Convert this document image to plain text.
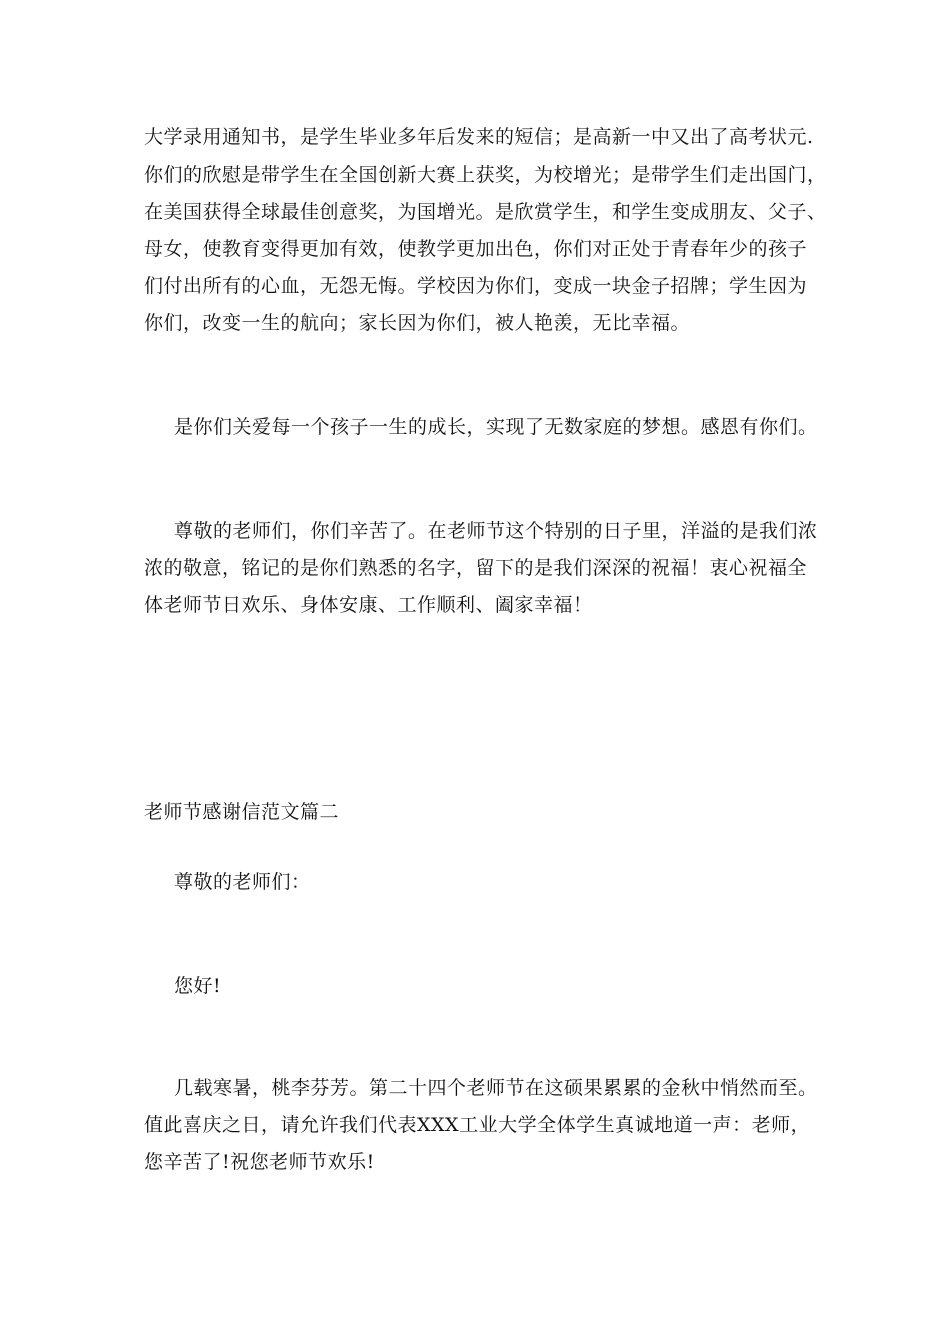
大学录用通知书，是学生毕业多年后发来的短信；是高新一中又出了高考状元.
你们的欣慰是带学生在全国创新大赛上获奖，为校增光；是带学生们走出国门，
在美国获得全球最佳创意奖，为国增光。是欣赏学生，和学生变成朋友、父子、
母女，使教育变得更加有效，使教学更加出色，你们对正处于青春年少的孩子
们付出所有的心血，无怨无悔。学校因为你们，变成一块金子招牌；学生因为
你们，改变一生的航向；家长因为你们，被人艳羡，无比幸福。
是你们关爱每一个孩子一生的成长，实现了无数家庭的梦想。感恩有你们。
尊敬的老师们，你们辛苦了。在老师节这个特别的日子里，洋溢的是我们浓
浓的敬意，铭记的是你们熟悉的名字，留下的是我们深深的祝福！衷心祝福全
体老师节日欢乐、身体安康、工作顺利、阖家幸福！
老师节感谢信范文篇二
尊敬的老师们：
您好!
几载寒暑，桃李芬芳。第二十四个老师节在这硕果累累的金秋中悄然而至。
值此喜庆之日，请允许我们代表XXX工业大学全体学生真诚地道一声：老师，
您辛苦了!祝您老师节欢乐!
